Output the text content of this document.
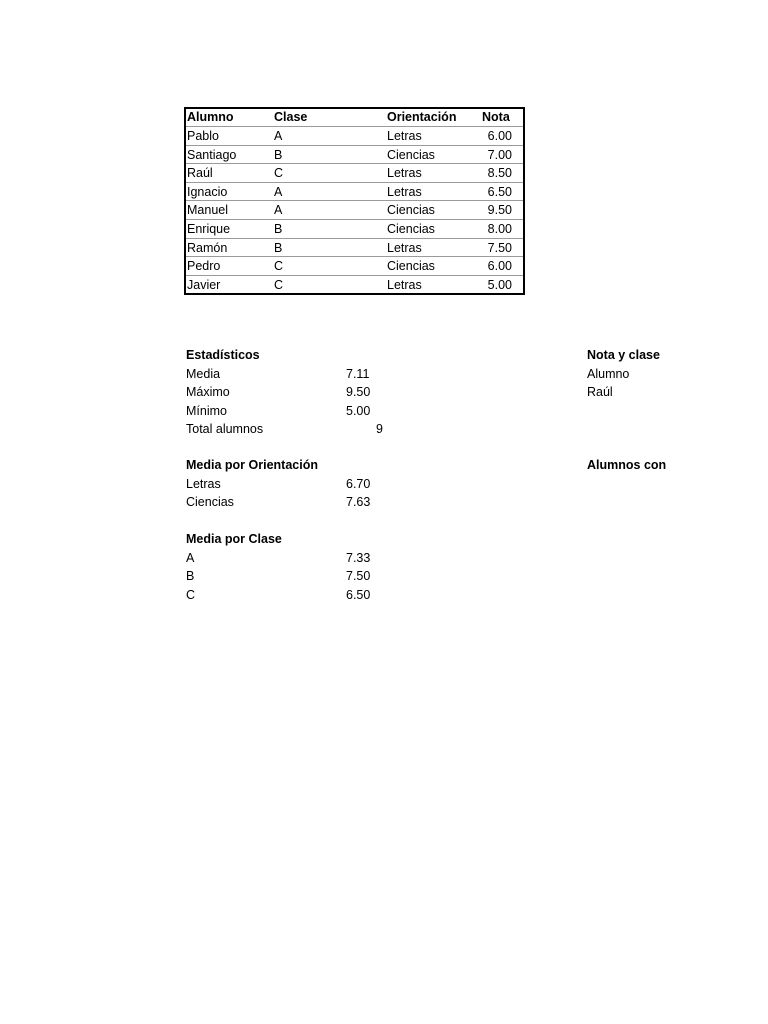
Alumno	Clase	Orientación	Nota
Pablo	A	Letras	6.00
Santiago	B	Ciencias	7.00
Raúl	C	Letras	8.50
Ignacio	A	Letras	6.50
Manuel	A	Ciencias	9.50
Enrique	B	Ciencias	8.00
Ramón	B	Letras	7.50
Pedro	C	Ciencias	6.00
Javier	C	Letras	5.00
Estadísticos
Media	7.11
Máximo	9.50
Mínimo	5.00
Total alumnos	9
Media por Orientación
Letras	6.70
Ciencias	7.63
Media por Clase
A	7.33
B	7.50
C	6.50
Nota y clase
Alumno
Raúl
Alumnos con
